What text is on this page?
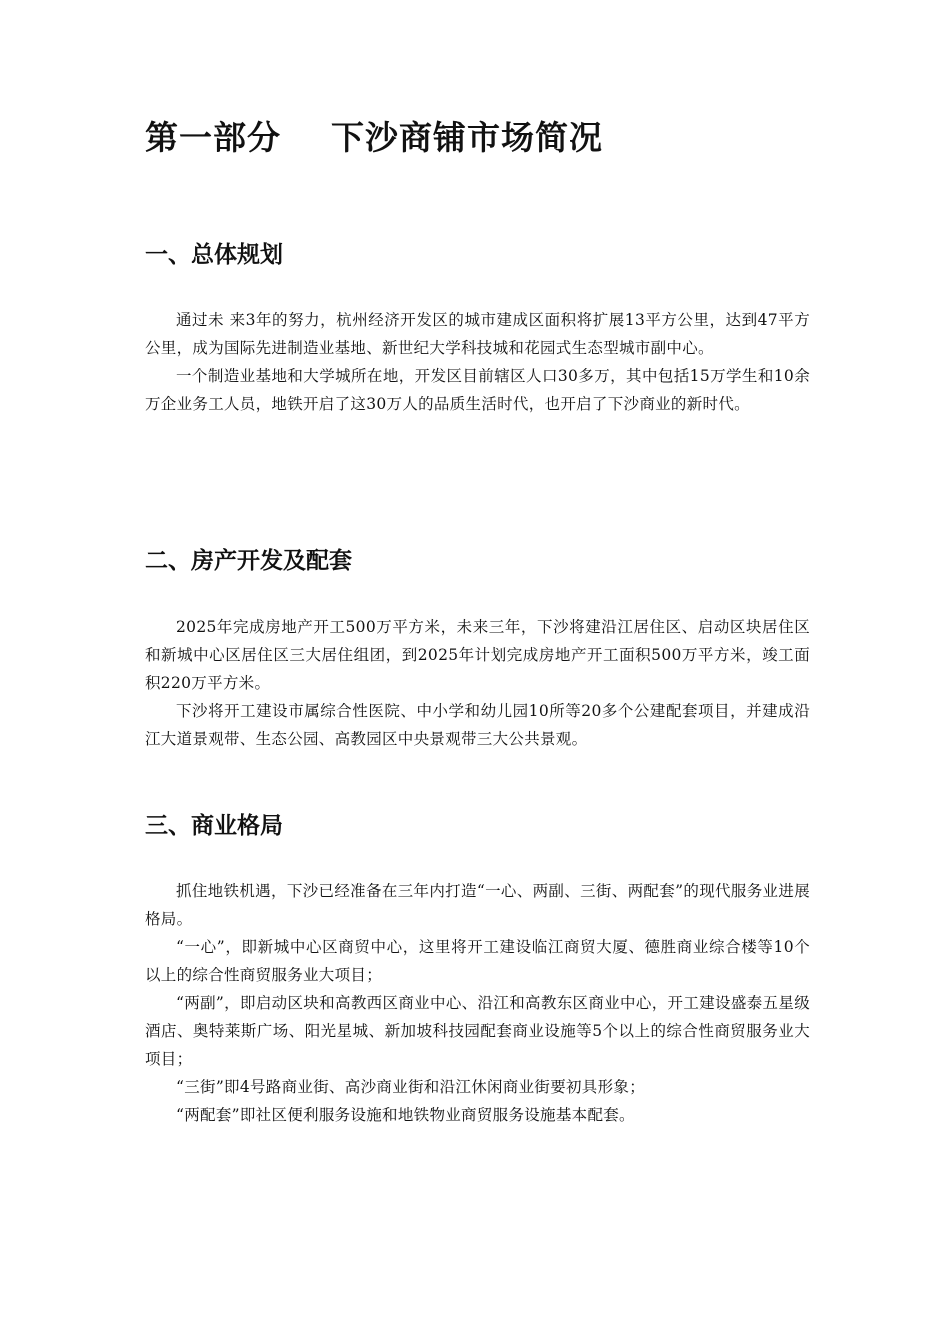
第一部分    下沙商铺市场简况
一、总体规划

通过未 来3年的努力，杭州经济开发区的城市建成区面积将扩展13平方公里，达到47平方公里，成为国际先进制造业基地、新世纪大学科技城和花园式生态型城市副中心。

一个制造业基地和大学城所在地，开发区目前辖区人口30多万，其中包括15万学生和10余万企业务工人员，地铁开启了这30万人的品质生活时代，也开启了下沙商业的新时代。

二、房产开发及配套

2025年完成房地产开工500万平方米，未来三年，下沙将建沿江居住区、启动区块居住区和新城中心区居住区三大居住组团，到2025年计划完成房地产开工面积500万平方米，竣工面积220万平方米。

下沙将开工建设市属综合性医院、中小学和幼儿园10所等20多个公建配套项目，并建成沿江大道景观带、生态公园、高教园区中央景观带三大公共景观。

三、商业格局

抓住地铁机遇，下沙已经准备在三年内打造“一心、两副、三街、两配套”的现代服务业进展格局。

“一心”，即新城中心区商贸中心，这里将开工建设临江商贸大厦、德胜商业综合楼等10个以上的综合性商贸服务业大项目；

“两副”，即启动区块和高教西区商业中心、沿江和高教东区商业中心，开工建设盛泰五星级酒店、奥特莱斯广场、阳光星城、新加坡科技园配套商业设施等5个以上的综合性商贸服务业大项目；

“三街”即4号路商业街、高沙商业街和沿江休闲商业街要初具形象；

“两配套”即社区便利服务设施和地铁物业商贸服务设施基本配套。
